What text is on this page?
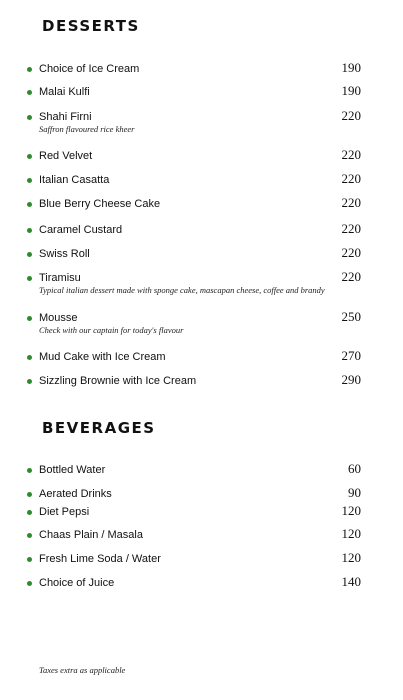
DESSERTS
Choice of Ice Cream	190
Malai Kulfi	190
Shahi Firni	220
Saffron flavoured rice kheer
Red Velvet	220
Italian Casatta	220
Blue Berry Cheese Cake	220
Caramel Custard	220
Swiss Roll	220
Tiramisu	220
Typical italian dessert made with sponge cake, mascapan cheese, coffee and brandy
Mousse	250
Check with our captain for today's flavour
Mud Cake with Ice Cream	270
Sizzling Brownie with Ice Cream	290
BEVERAGES
Bottled Water	60
Aerated Drinks	90
Diet Pepsi	120
Chaas Plain / Masala	120
Fresh Lime Soda / Water	120
Choice of Juice	140
Taxes extra as applicable
